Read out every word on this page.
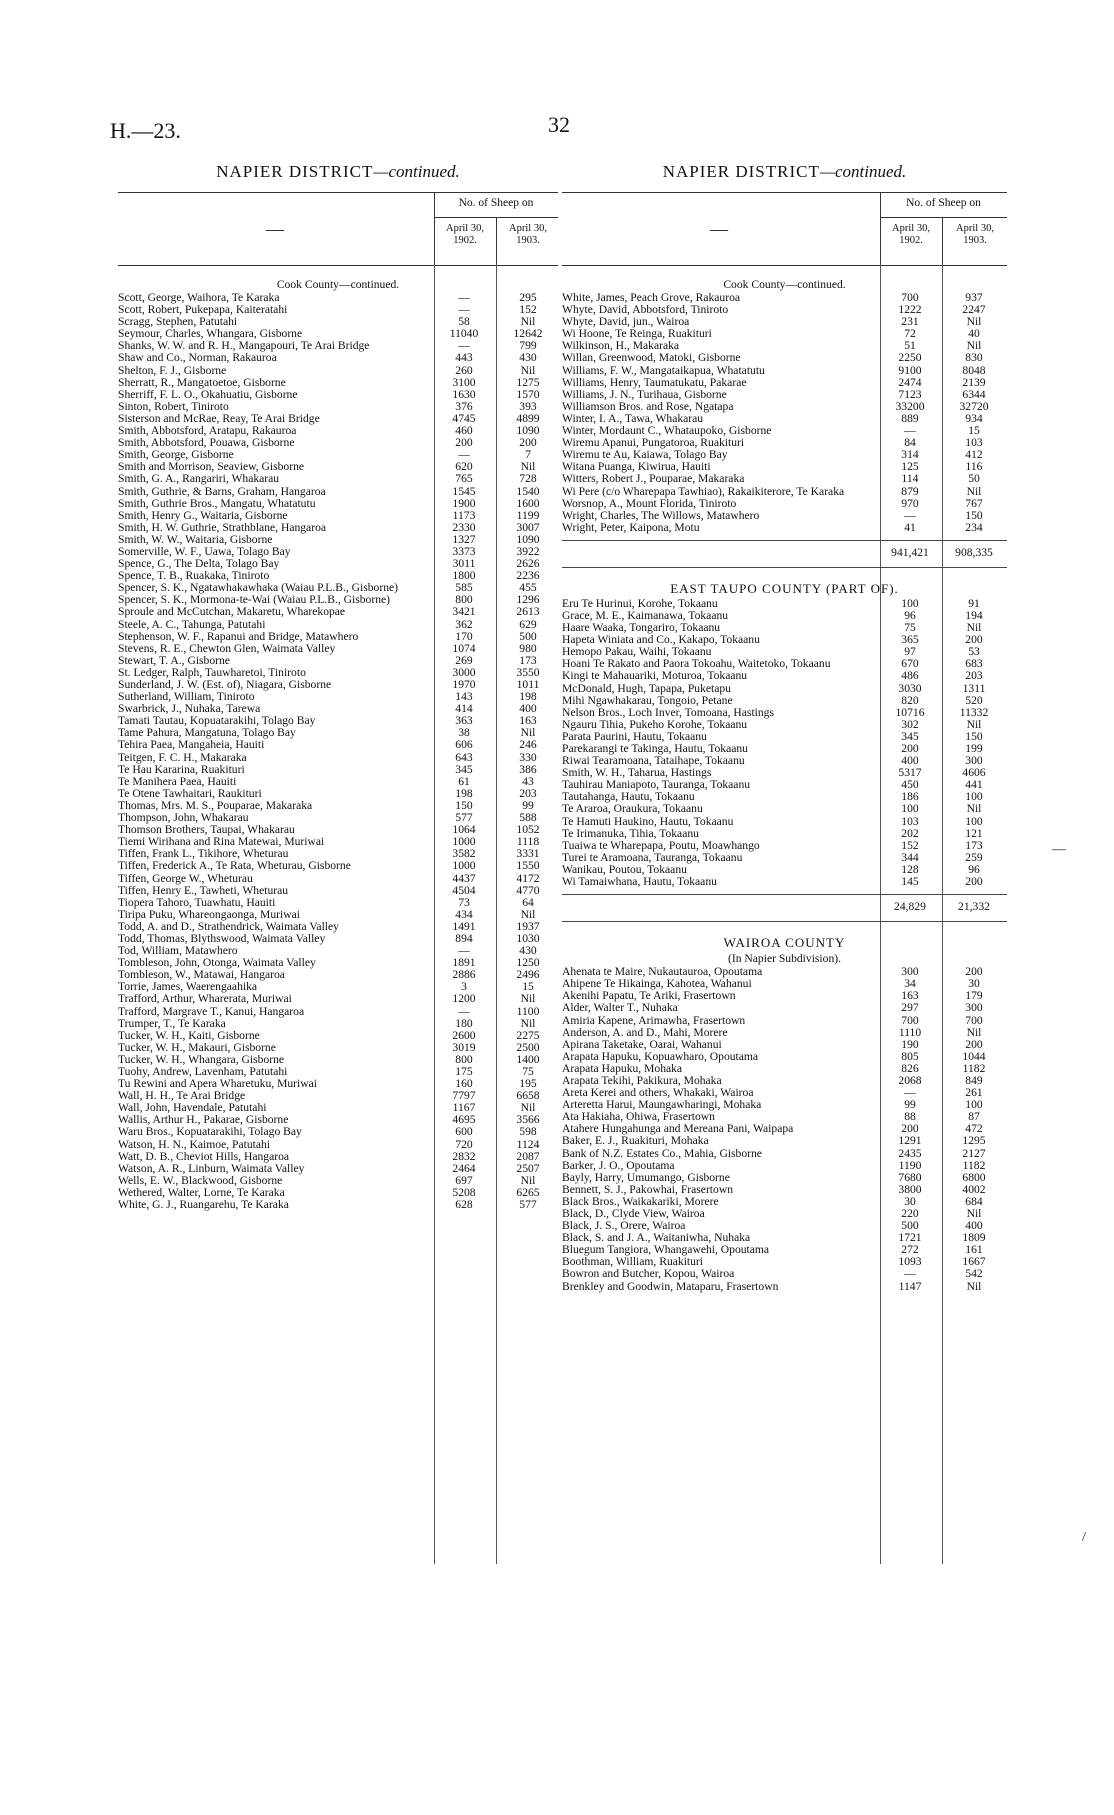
H.—23.	32
NAPIER DISTRICT—continued.
—
No. of Sheep on
April 30, 1902.
April 30, 1903.
Cook County—continued.
Scott, George, Waihora, Te Karaka	—	295
Scott, Robert, Pukepapa, Kaiteratahi	—	152
Scragg, Stephen, Patutahi	58	Nil
Seymour, Charles, Whangara, Gisborne	11040	12642
Shanks, W. W. and R. H., Mangapouri, Te Arai Bridge	—	799
Shaw and Co., Norman, Rakauroa	443	430
Shelton, F. J., Gisborne	260	Nil
Sherratt, R., Mangatoetoe, Gisborne	3100	1275
Sherriff, F. L. O., Okahuatiu, Gisborne	1630	1570
Sinton, Robert, Tiniroto	376	393
Sisterson and McRae, Reay, Te Arai Bridge	4745	4899
Smith, Abbotsford, Aratapu, Rakauroa	460	1090
Smith, Abbotsford, Pouawa, Gisborne	200	200
Smith, George, Gisborne	—	7
Smith and Morrison, Seaview, Gisborne	620	Nil
Smith, G. A., Rangariri, Whakarau	765	728
Smith, Guthrie, & Barns, Graham, Hangaroa	1545	1540
Smith, Guthrie Bros., Mangatu, Whatatutu	1900	1600
Smith, Henry G., Waitaria, Gisborne	1173	1199
Smith, H. W. Guthrie, Strathblane, Hangaroa	2330	3007
Smith, W. W., Waitaria, Gisborne	1327	1090
Somerville, W. F., Uawa, Tolago Bay	3373	3922
Spence, G., The Delta, Tolago Bay	3011	2626
Spence, T. B., Ruakaka, Tiniroto	1800	2236
Spencer, S. K., Ngatawhakawhaka (Waiau P.L.B., Gisborne)	585	455
Spencer, S. K., Mormona-te-Wai (Waiau P.L.B., Gisborne)	800	1296
Sproule and McCutchan, Makaretu, Wharekopae	3421	2613
Steele, A. C., Tahunga, Patutahi	362	629
Stephenson, W. F., Rapanui and Bridge, Matawhero	170	500
Stevens, R. E., Chewton Glen, Waimata Valley	1074	980
Stewart, T. A., Gisborne	269	173
St. Ledger, Ralph, Tauwharetoi, Tiniroto	3000	3550
Sunderland, J. W. (Est. of), Niagara, Gisborne	1970	1011
Sutherland, William, Tiniroto	143	198
Swarbrick, J., Nuhaka, Tarewa	414	400
Tamati Tautau, Kopuatarakihi, Tolago Bay	363	163
Tame Pahura, Mangatuna, Tolago Bay	38	Nil
Tehira Paea, Mangaheia, Hauiti	606	246
Teitgen, F. C. H., Makaraka	643	330
Te Hau Kararina, Ruakituri	345	386
Te Manihera Paea, Hauiti	61	43
Te Otene Tawhaitari, Raukituri	198	203
Thomas, Mrs. M. S., Pouparae, Makaraka	150	99
Thompson, John, Whakarau	577	588
Thomson Brothers, Taupai, Whakarau	1064	1052
Tiemi Wirihana and Rina Matewai, Muriwai	1000	1118
Tiffen, Frank L., Tikihore, Wheturau	3582	3331
Tiffen, Frederick A., Te Rata, Wheturau, Gisborne	1000	1550
Tiffen, George W., Wheturau	4437	4172
Tiffen, Henry E., Tawheti, Wheturau	4504	4770
Tiopera Tahoro, Tuawhatu, Hauiti	73	64
Tiripa Puku, Whareongaonga, Muriwai	434	Nil
Todd, A. and D., Strathendrick, Waimata Valley	1491	1937
Todd, Thomas, Blythswood, Waimata Valley	894	1030
Tod, William, Matawhero	—	430
Tombleson, John, Otonga, Waimata Valley	1891	1250
Tombleson, W., Matawai, Hangaroa	2886	2496
Torrie, James, Waerengaahika	3	15
Trafford, Arthur, Wharerata, Muriwai	1200	Nil
Trafford, Margrave T., Kanui, Hangaroa	—	1100
Trumper, T., Te Karaka	180	Nil
Tucker, W. H., Kaiti, Gisborne	2600	2275
Tucker, W. H., Makauri, Gisborne	3019	2500
Tucker, W. H., Whangara, Gisborne	800	1400
Tuohy, Andrew, Lavenham, Patutahi	175	75
Tu Rewini and Apera Wharetuku, Muriwai	160	195
Wall, H. H., Te Arai Bridge	7797	6658
Wall, John, Havendale, Patutahi	1167	Nil
Wallis, Arthur H., Pakarae, Gisborne	4695	3566
Waru Bros., Kopuatarakihi, Tolago Bay	600	598
Watson, H. N., Kaimoe, Patutahi	720	1124
Watt, D. B., Cheviot Hills, Hangaroa	2832	2087
Watson, A. R., Linburn, Waimata Valley	2464	2507
Wells, E. W., Blackwood, Gisborne	697	Nil
Wethered, Walter, Lorne, Te Karaka	5208	6265
White, G. J., Ruangarehu, Te Karaka	628	577
NAPIER DISTRICT—continued.
—
No. of Sheep on
April 30, 1902.
April 30, 1903.
Cook County—continued.
White, James, Peach Grove, Rakauroa	700	937
Whyte, David, Abbotsford, Tiniroto	1222	2247
Whyte, David, jun., Wairoa	231	Nil
Wi Hoone, Te Reinga, Ruakituri	72	40
Wilkinson, H., Makaraka	51	Nil
Willan, Greenwood, Matoki, Gisborne	2250	830
Williams, F. W., Mangataikapua, Whatatutu	9100	8048
Williams, Henry, Taumatukatu, Pakarae	2474	2139
Williams, J. N., Turihaua, Gisborne	7123	6344
Williamson Bros. and Rose, Ngatapa	33200	32720
Winter, I. A., Tawa, Whakarau	889	934
Winter, Mordaunt C., Whataupoko, Gisborne	—	15
Wiremu Apanui, Pungatoroa, Ruakituri	84	103
Wiremu te Au, Kaiawa, Tolago Bay	314	412
Witana Puanga, Kiwirua, Hauiti	125	116
Witters, Robert J., Pouparae, Makaraka	114	50
Wi Pere (c/o Wharepapa Tawhiao), Rakaikiterore, Te Karaka	879	Nil
Worsnop, A., Mount Florida, Tiniroto	970	767
Wright, Charles, The Willows, Matawhero	—	150
Wright, Peter, Kaipona, Motu	41	234
941,421	908,335
EAST TAUPO COUNTY (PART OF).
Eru Te Hurinui, Korohe, Tokaanu	100	91
Grace, M. E., Kaimanawa, Tokaanu	96	194
Haare Waaka, Tongariro, Tokaanu	75	Nil
Hapeta Winiata and Co., Kakapo, Tokaanu	365	200
Hemopo Pakau, Waihi, Tokaanu	97	53
Hoani Te Rakato and Paora Tokoahu, Waitetoko, Tokaanu	670	683
Kingi te Mahauariki, Moturoa, Tokaanu	486	203
McDonald, Hugh, Tapapa, Puketapu	3030	1311
Mihi Ngawhakarau, Tongoio, Petane	820	520
Nelson Bros., Loch Inver, Tomoana, Hastings	10716	11332
Ngauru Tihia, Pukeho Korohe, Tokaanu	302	Nil
Parata Paurini, Hautu, Tokaanu	345	150
Parekarangi te Takinga, Hautu, Tokaanu	200	199
Riwai Tearamoana, Tataihape, Tokaanu	400	300
Smith, W. H., Taharua, Hastings	5317	4606
Tauhirau Maniapoto, Tauranga, Tokaanu	450	441
Tautahanga, Hautu, Tokaanu	186	100
Te Araroa, Oraukura, Tokaanu	100	Nil
Te Hamuti Haukino, Hautu, Tokaanu	103	100
Te Irimanuka, Tihia, Tokaanu	202	121
Tuaiwa te Wharepapa, Poutu, Moawhango	152	173
Turei te Aramoana, Tauranga, Tokaanu	344	259
Wanikau, Poutou, Tokaanu	128	96
Wi Tamaiwhana, Hautu, Tokaanu	145	200
24,829	21,332
WAIROA COUNTY
(In Napier Subdivision).
Ahenata te Maire, Nukautauroa, Opoutama	300	200
Ahipene Te Hikainga, Kahotea, Wahanui	34	30
Akenihi Papatu, Te Ariki, Frasertown	163	179
Alder, Walter T., Nuhaka	297	300
Amiria Kapene, Arimawha, Frasertown	700	700
Anderson, A. and D., Mahi, Morere	1110	Nil
Apirana Taketake, Oarai, Wahanui	190	200
Arapata Hapuku, Kopuawharo, Opoutama	805	1044
Arapata Hapuku, Mohaka	826	1182
Arapata Tekihi, Pakikura, Mohaka	2068	849
Areta Kerei and others, Whakaki, Wairoa	—	261
Arteretta Harui, Maungawharingi, Mohaka	99	100
Ata Hakiaha, Ohiwa, Frasertown	88	87
Atahere Hungahunga and Mereana Pani, Waipapa	200	472
Baker, E. J., Ruakituri, Mohaka	1291	1295
Bank of N.Z. Estates Co., Mahia, Gisborne	2435	2127
Barker, J. O., Opoutama	1190	1182
Bayly, Harry, Umumango, Gisborne	7680	6800
Bennett, S. J., Pakowhai, Frasertown	3800	4002
Black Bros., Waikakariki, Morere	30	684
Black, D., Clyde View, Wairoa	220	Nil
Black, J. S., Orere, Wairoa	500	400
Black, S. and J. A., Waitaniwha, Nuhaka	1721	1809
Bluegum Tangiora, Whangawehi, Opoutama	272	161
Boothman, William, Ruakituri	1093	1667
Bowron and Butcher, Kopou, Wairoa	—	542
Brenkley and Goodwin, Mataparu, Frasertown	1147	Nil
—
/
